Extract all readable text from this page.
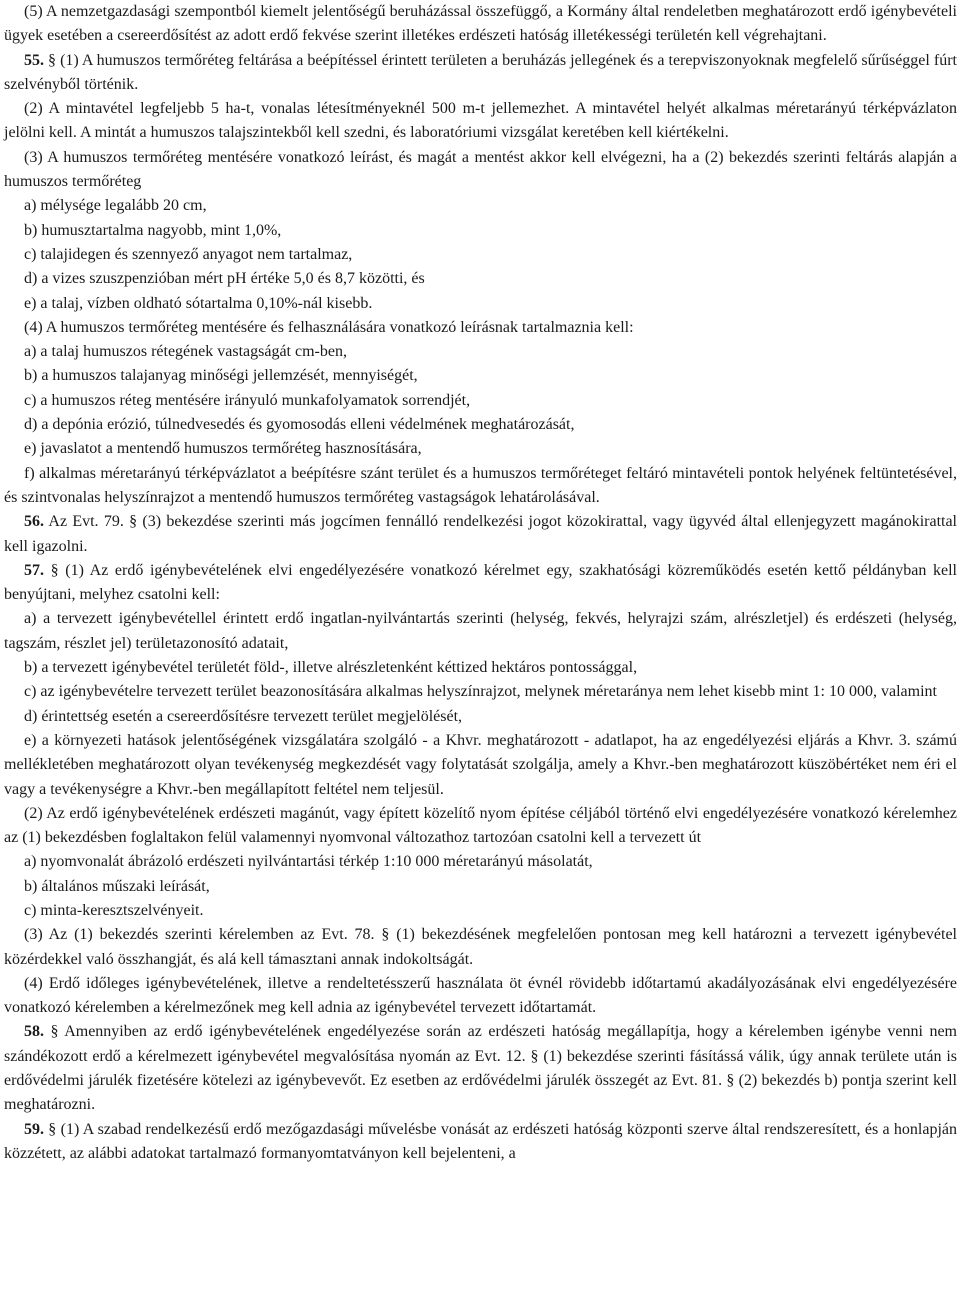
(5) A nemzetgazdasági szempontból kiemelt jelentőségű beruházással összefüggő, a Kormány által rendeletben meghatározott erdő igénybevételi ügyek esetében a csereerdősítést az adott erdő fekvése szerint illetékes erdészeti hatóság illetékességi területén kell végrehajtani.

55. § (1) A humuszos termőréteg feltárása a beépítéssel érintett területen a beruházás jellegének és a terepviszonyoknak megfelelő sűrűséggel fúrt szelvényből történik.

(2) A mintavétel legfeljebb 5 ha-t, vonalas létesítményeknél 500 m-t jellemezhet. A mintavétel helyét alkalmas méretarányú térképvázlaton jelölni kell. A mintát a humuszos talajszintekből kell szedni, és laboratóriumi vizsgálat keretében kell kiértékelni.

(3) A humuszos termőréteg mentésére vonatkozó leírást, és magát a mentést akkor kell elvégezni, ha a (2) bekezdés szerinti feltárás alapján a humuszos termőréteg

a) mélysége legalább 20 cm,

b) humusztartalma nagyobb, mint 1,0%,

c) talajidegen és szennyező anyagot nem tartalmaz,

d) a vizes szuszpenzióban mért pH értéke 5,0 és 8,7 közötti, és

e) a talaj, vízben oldható sótartalma 0,10%-nál kisebb.

(4) A humuszos termőréteg mentésére és felhasználására vonatkozó leírásnak tartalmaznia kell:

a) a talaj humuszos rétegének vastagságát cm-ben,

b) a humuszos talajanyag minőségi jellemzését, mennyiségét,

c) a humuszos réteg mentésére irányuló munkafolyamatok sorrendjét,

d) a depónia erózió, túlnedvesedés és gyomosodás elleni védelmének meghatározását,

e) javaslatot a mentendő humuszos termőréteg hasznosítására,

f) alkalmas méretarányú térképvázlatot a beépítésre szánt terület és a humuszos termőréteget feltáró mintavételi pontok helyének feltüntetésével, és szintvonalas helyszínrajzot a mentendő humuszos termőréteg vastagságok lehatárolásával.

56. Az Evt. 79. § (3) bekezdése szerinti más jogcímen fennálló rendelkezési jogot közokirattal, vagy ügyvéd által ellenjegyzett magánokirattal kell igazolni.

57. § (1) Az erdő igénybevételének elvi engedélyezésére vonatkozó kérelmet egy, szakhatósági közreműködés esetén kettő példányban kell benyújtani, melyhez csatolni kell:

a) a tervezett igénybevétellel érintett erdő ingatlan-nyilvántartás szerinti (helység, fekvés, helyrajzi szám, alrészletjel) és erdészeti (helység, tagszám, részlet jel) területazonosító adatait,

b) a tervezett igénybevétel területét föld-, illetve alrészletenként kéttized hektáros pontossággal,

c) az igénybevételre tervezett terület beazonosítására alkalmas helyszínrajzot, melynek méretaránya nem lehet kisebb mint 1: 10 000, valamint

d) érintettség esetén a csereerdősítésre tervezett terület megjelölését,

e) a környezeti hatások jelentőségének vizsgálatára szolgáló - a Khvr. meghatározott - adatlapot, ha az engedélyezési eljárás a Khvr. 3. számú mellékletében meghatározott olyan tevékenység megkezdését vagy folytatását szolgálja, amely a Khvr.-ben meghatározott küszöbértéket nem éri el vagy a tevékenységre a Khvr.-ben megállapított feltétel nem teljesül.

(2) Az erdő igénybevételének erdészeti magánút, vagy épített közelítő nyom építése céljából történő elvi engedélyezésére vonatkozó kérelemhez az (1) bekezdésben foglaltakon felül valamennyi nyomvonal változathoz tartozóan csatolni kell a tervezett út

a) nyomvonalát ábrázoló erdészeti nyilvántartási térkép 1:10 000 méretarányú másolatát,

b) általános műszaki leírását,

c) minta-keresztszelvényeit.

(3) Az (1) bekezdés szerinti kérelemben az Evt. 78. § (1) bekezdésének megfelelően pontosan meg kell határozni a tervezett igénybevétel közérdekkel való összhangját, és alá kell támasztani annak indokoltságát.

(4) Erdő időleges igénybevételének, illetve a rendeltetésszerű használata öt évnél rövidebb időtartamú akadályozásának elvi engedélyezésére vonatkozó kérelemben a kérelmezőnek meg kell adnia az igénybevétel tervezett időtartamát.

58. § Amennyiben az erdő igénybevételének engedélyezése során az erdészeti hatóság megállapítja, hogy a kérelemben igénybe venni nem szándékozott erdő a kérelmezett igénybevétel megvalósítása nyomán az Evt. 12. § (1) bekezdése szerinti fásítássá válik, úgy annak területe után is erdővédelmi járulék fizetésére kötelezi az igénybevevőt. Ez esetben az erdővédelmi járulék összegét az Evt. 81. § (2) bekezdés b) pontja szerint kell meghatározni.

59. § (1) A szabad rendelkezésű erdő mezőgazdasági művelésbe vonását az erdészeti hatóság központi szerve által rendszeresített, és a honlapján közzétett, az alábbi adatokat tartalmazó formanyomtatványon kell bejelenteni, a
